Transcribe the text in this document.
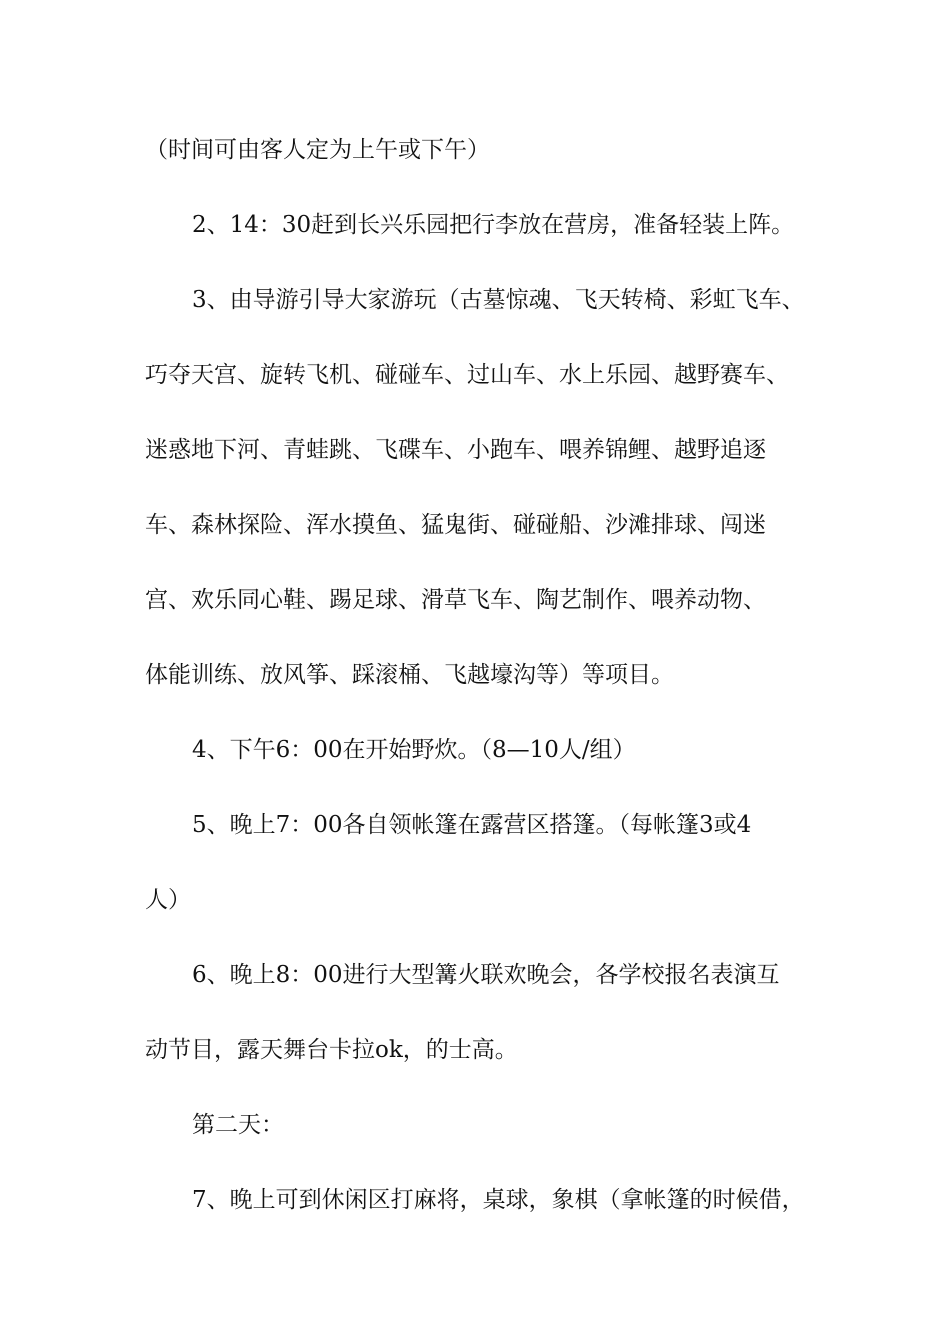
（时间可由客人定为上午或下午）
2、14：30赶到长兴乐园把行李放在营房，准备轻装上阵。
3、由导游引导大家游玩（古墓惊魂、飞天转椅、彩虹飞车、
巧夺天宫、旋转飞机、碰碰车、过山车、水上乐园、越野赛车、
迷惑地下河、青蛙跳、飞碟车、小跑车、喂养锦鲤、越野追逐
车、森林探险、浑水摸鱼、猛鬼街、碰碰船、沙滩排球、闯迷
宫、欢乐同心鞋、踢足球、滑草飞车、陶艺制作、喂养动物、
体能训练、放风筝、踩滚桶、飞越壕沟等）等项目。
4、下午6：00在开始野炊。（8—10人/组）
5、晚上7：00各自领帐篷在露营区搭篷。（每帐篷3或4
人）
6、晚上8：00进行大型篝火联欢晚会，各学校报名表演互
动节目，露天舞台卡拉ok，的士高。
第二天：
7、晚上可到休闲区打麻将，桌球，象棋（拿帐篷的时候借，
